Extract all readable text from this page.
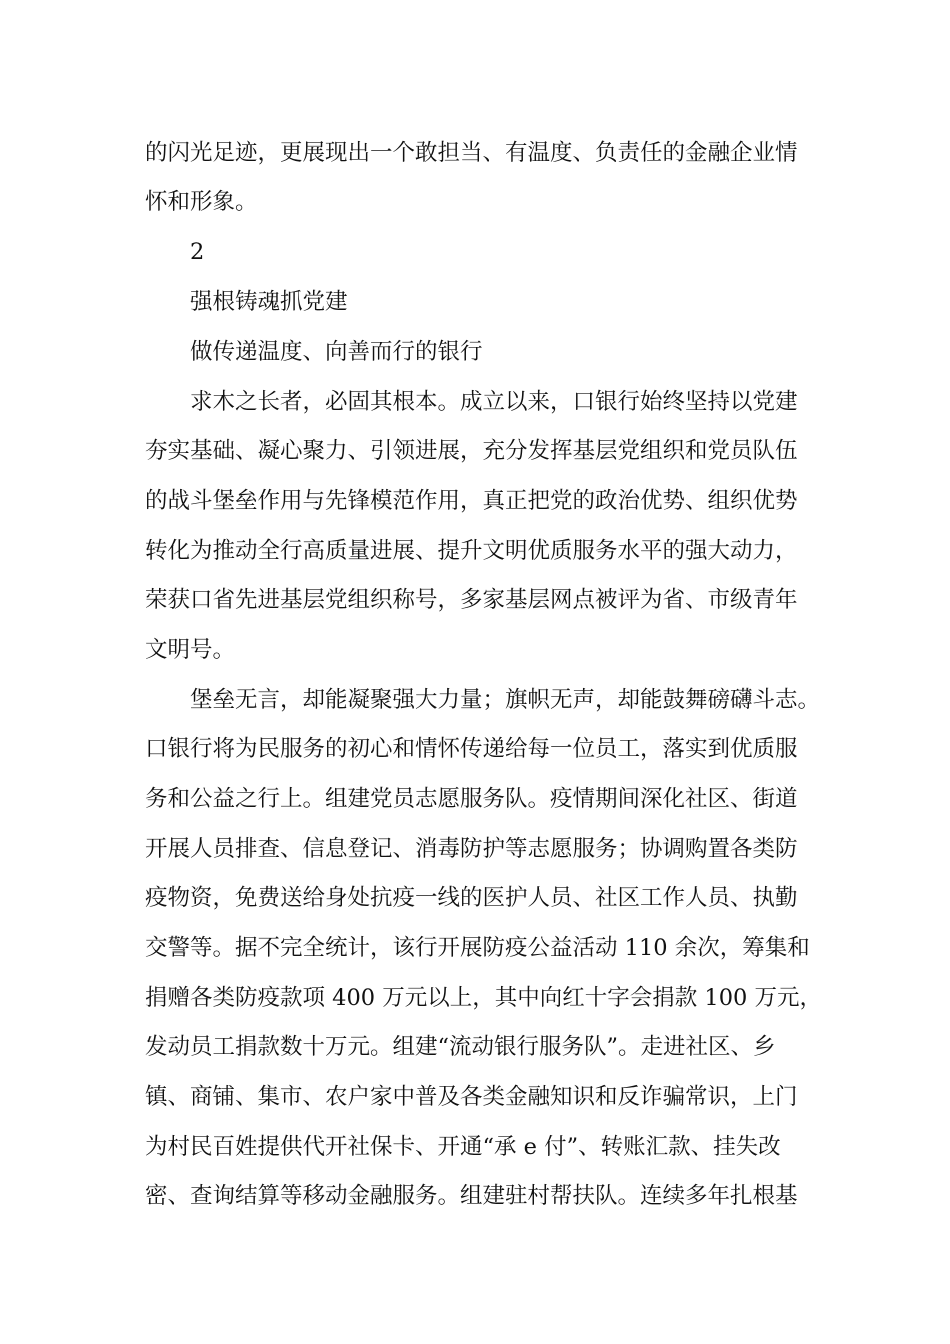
的闪光足迹，更展现出一个敢担当、有温度、负责任的金融企业情
怀和形象。
2
强根铸魂抓党建
做传递温度、向善而行的银行
求木之长者，必固其根本。成立以来，口银行始终坚持以党建
夯实基础、凝心聚力、引领进展，充分发挥基层党组织和党员队伍
的战斗堡垒作用与先锋模范作用，真正把党的政治优势、组织优势
转化为推动全行高质量进展、提升文明优质服务水平的强大动力，
荣获口省先进基层党组织称号，多家基层网点被评为省、市级青年
文明号。
堡垒无言，却能凝聚强大力量；旗帜无声，却能鼓舞磅礴斗志。
口银行将为民服务的初心和情怀传递给每一位员工，落实到优质服
务和公益之行上。组建党员志愿服务队。疫情期间深化社区、街道
开展人员排查、信息登记、消毒防护等志愿服务；协调购置各类防
疫物资，免费送给身处抗疫一线的医护人员、社区工作人员、执勤
交警等。据不完全统计，该行开展防疫公益活动 110 余次，筹集和
捐赠各类防疫款项 400 万元以上，其中向红十字会捐款 100 万元，
发动员工捐款数十万元。组建“流动银行服务队”。走进社区、乡
镇、商铺、集市、农户家中普及各类金融知识和反诈骗常识，上门
为村民百姓提供代开社保卡、开通“承 e 付”、转账汇款、挂失改
密、查询结算等移动金融服务。组建驻村帮扶队。连续多年扎根基
